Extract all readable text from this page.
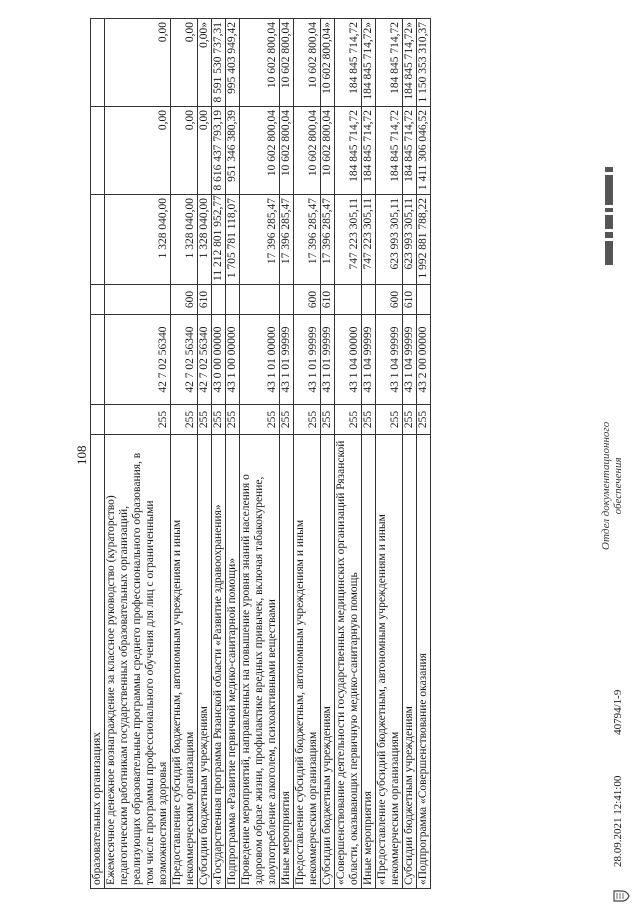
108
образовательных организациях						
Ежемесячное денежное вознаграждение за классное руководство (кураторство) педагогическим работникам государственных образовательных организаций, реализующих образовательные программы среднего профессионального образования, в том числе программы профессионального обучения для лиц с ограниченными возможностями здоровья	255	42 7 02 56340		1 328 040,00	0,00	0,00
Предоставление субсидий бюджетным, автономным учреждениям и иным некоммерческим организациям	255	42 7 02 56340	600	1 328 040,00	0,00	0,00
Субсидии бюджетным учреждениям	255	42 7 02 56340	610	1 328 040,00	0,00	0,00»
«Государственная программа Рязанской области «Развитие здравоохранения»	255	43 0 00 00000		11 212 801 952,77	8 616 437 793,19	8 591 530 737,31
Подпрограмма «Развитие первичной медико-санитарной помощи»	255	43 1 00 00000		1 705 781 118,07	951 346 380,39	995 403 949,42
Проведение мероприятий, направленных на повышение уровня знаний населения о здоровом образе жизни, профилактике вредных привычек, включая табакокурение, злоупотребление алкоголем, психоактивными веществами	255	43 1 01 00000		17 396 285,47	10 602 800,04	10 602 800,04
Иные мероприятия	255	43 1 01 99999		17 396 285,47	10 602 800,04	10 602 800,04
Предоставление субсидий бюджетным, автономным учреждениям и иным некоммерческим организациям	255	43 1 01 99999	600	17 396 285,47	10 602 800,04	10 602 800,04
Субсидии бюджетным учреждениям	255	43 1 01 99999	610	17 396 285,47	10 602 800,04	10 602 800,04»
«Совершенствование деятельности государственных медицинских организаций Рязанской области, оказывающих первичную медико-санитарную помощь	255	43 1 04 00000		747 223 305,11	184 845 714,72	184 845 714,72
Иные мероприятия	255	43 1 04 99999		747 223 305,11	184 845 714,72	184 845 714,72»
«Предоставление субсидий бюджетным, автономным учреждениям и иным некоммерческим организациям	255	43 1 04 99999	600	623 993 305,11	184 845 714,72	184 845 714,72
Субсидии бюджетным учреждениям	255	43 1 04 99999	610	623 993 305,11	184 845 714,72	184 845 714,72»
«Подпрограмма «Совершенствование оказания	255	43 2 00 00000		1 992 881 788,22	1 411 306 046,52	1 150 353 310,37
Отдел документационного обеспечения
28.09.2021 12:41:00 40794/1-9
